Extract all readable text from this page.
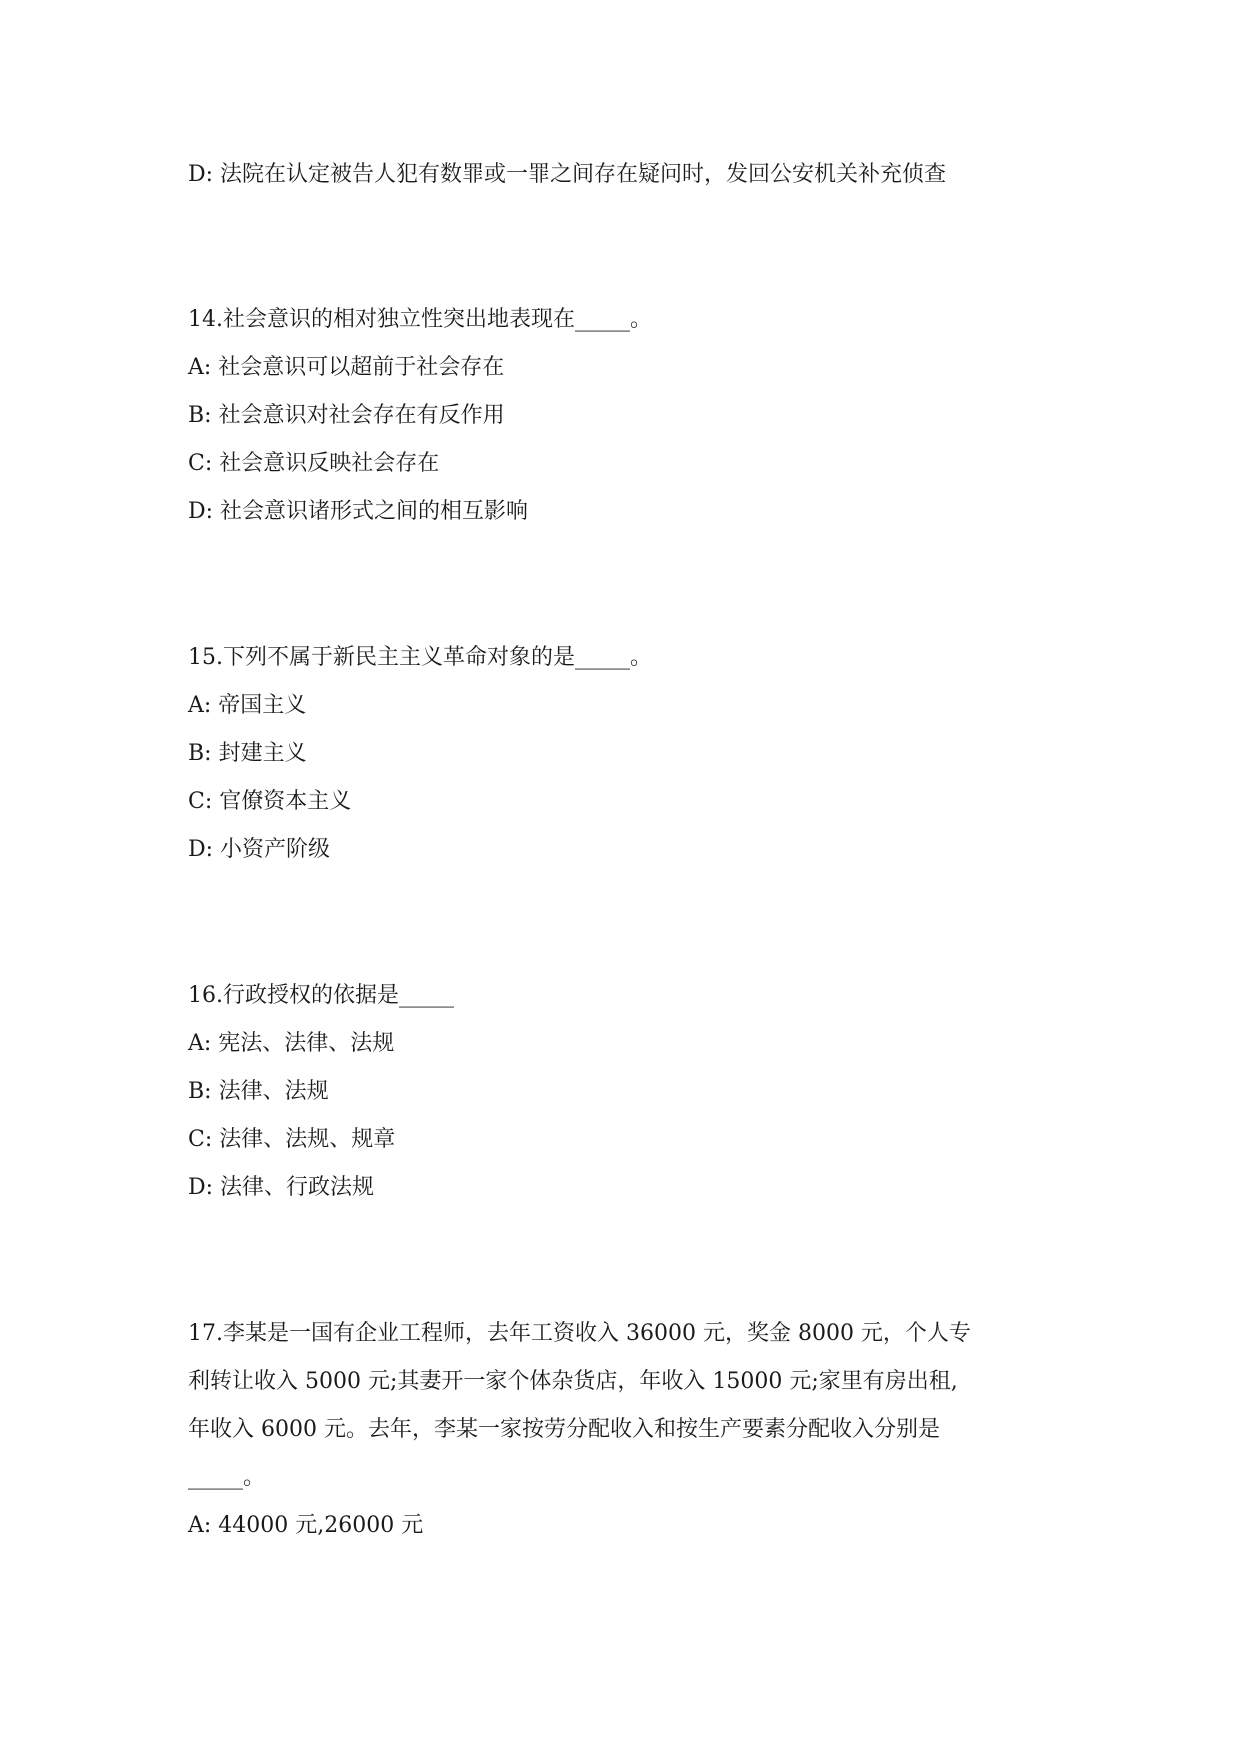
D: 法院在认定被告人犯有数罪或一罪之间存在疑问时，发回公安机关补充侦查
14.社会意识的相对独立性突出地表现在_____。
A: 社会意识可以超前于社会存在
B: 社会意识对社会存在有反作用
C: 社会意识反映社会存在
D: 社会意识诸形式之间的相互影响
15.下列不属于新民主主义革命对象的是_____。
A: 帝国主义
B: 封建主义
C: 官僚资本主义
D: 小资产阶级
16.行政授权的依据是_____
A: 宪法、法律、法规
B: 法律、法规
C: 法律、法规、规章
D: 法律、行政法规
17.李某是一国有企业工程师，去年工资收入 36000 元，奖金 8000 元，个人专
利转让收入 5000 元;其妻开一家个体杂货店，年收入 15000 元;家里有房出租,
年收入 6000 元。去年，李某一家按劳分配收入和按生产要素分配收入分别是
_____。
A: 44000 元,26000 元
